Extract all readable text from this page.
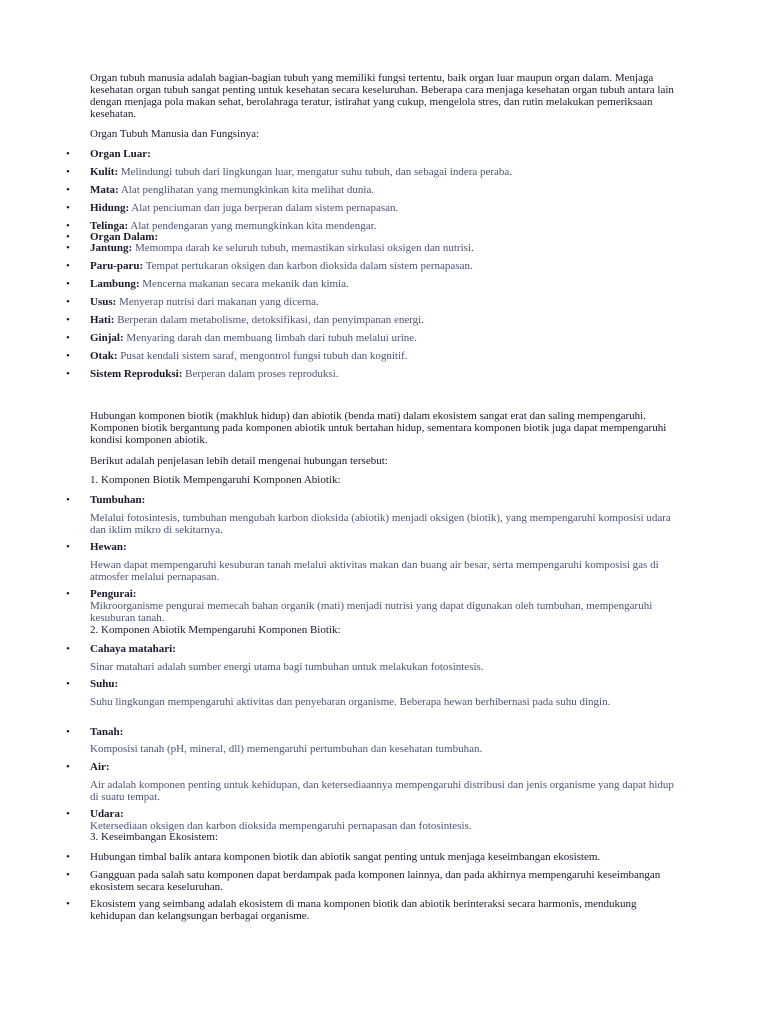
Organ tubuh manusia adalah bagian-bagian tubuh yang memiliki fungsi tertentu, baik organ luar maupun organ dalam. Menjaga kesehatan organ tubuh sangat penting untuk kesehatan secara keseluruhan. Beberapa cara menjaga kesehatan organ tubuh antara lain dengan menjaga pola makan sehat, berolahraga teratur, istirahat yang cukup, mengelola stres, dan rutin melakukan pemeriksaan kesehatan.

Organ Tubuh Manusia dan Fungsinya:

• Organ Luar:

• Kulit: Melindungi tubuh dari lingkungan luar, mengatur suhu tubuh, dan sebagai indera peraba.

• Mata: Alat penglihatan yang memungkinkan kita melihat dunia.

• Hidung: Alat penciuman dan juga berperan dalam sistem pernapasan.

• Telinga: Alat pendengaran yang memungkinkan kita mendengar.

• Organ Dalam:

• Jantung: Memompa darah ke seluruh tubuh, memastikan sirkulasi oksigen dan nutrisi.

• Paru-paru: Tempat pertukaran oksigen dan karbon dioksida dalam sistem pernapasan.

• Lambung: Mencerna makanan secara mekanik dan kimia.

• Usus: Menyerap nutrisi dari makanan yang dicerna.

• Hati: Berperan dalam metabolisme, detoksifikasi, dan penyimpanan energi.

• Ginjal: Menyaring darah dan membuang limbah dari tubuh melalui urine.

• Otak: Pusat kendali sistem saraf, mengontrol fungsi tubuh dan kognitif.

• Sistem Reproduksi: Berperan dalam proses reproduksi.

Hubungan komponen biotik (makhluk hidup) dan abiotik (benda mati) dalam ekosistem sangat erat dan saling mempengaruhi. Komponen biotik bergantung pada komponen abiotik untuk bertahan hidup, sementara komponen biotik juga dapat mempengaruhi kondisi komponen abiotik.

Berikut adalah penjelasan lebih detail mengenai hubungan tersebut:

1. Komponen Biotik Mempengaruhi Komponen Abiotik:

• Tumbuhan:

Melalui fotosintesis, tumbuhan mengubah karbon dioksida (abiotik) menjadi oksigen (biotik), yang mempengaruhi komposisi udara dan iklim mikro di sekitarnya.

• Hewan:

Hewan dapat mempengaruhi kesuburan tanah melalui aktivitas makan dan buang air besar, serta mempengaruhi komposisi gas di atmosfer melalui pernapasan.

• Pengurai:

Mikroorganisme pengurai memecah bahan organik (mati) menjadi nutrisi yang dapat digunakan oleh tumbuhan, mempengaruhi kesuburan tanah.

2. Komponen Abiotik Mempengaruhi Komponen Biotik:

• Cahaya matahari:

Sinar matahari adalah sumber energi utama bagi tumbuhan untuk melakukan fotosintesis.

• Suhu:

Suhu lingkungan mempengaruhi aktivitas dan penyebaran organisme. Beberapa hewan berhibernasi pada suhu dingin.

• Tanah:

Komposisi tanah (pH, mineral, dll) memengaruhi pertumbuhan dan kesehatan tumbuhan.

• Air:

Air adalah komponen penting untuk kehidupan, dan ketersediaannya mempengaruhi distribusi dan jenis organisme yang dapat hidup di suatu tempat.

• Udara:

Ketersediaan oksigen dan karbon dioksida mempengaruhi pernapasan dan fotosintesis.

3. Keseimbangan Ekosistem:

• Hubungan timbal balik antara komponen biotik dan abiotik sangat penting untuk menjaga keseimbangan ekosistem.

• Gangguan pada salah satu komponen dapat berdampak pada komponen lainnya, dan pada akhirnya mempengaruhi keseimbangan ekosistem secara keseluruhan.

• Ekosistem yang seimbang adalah ekosistem di mana komponen biotik dan abiotik berinteraksi secara harmonis, mendukung kehidupan dan kelangsungan berbagai organisme.
